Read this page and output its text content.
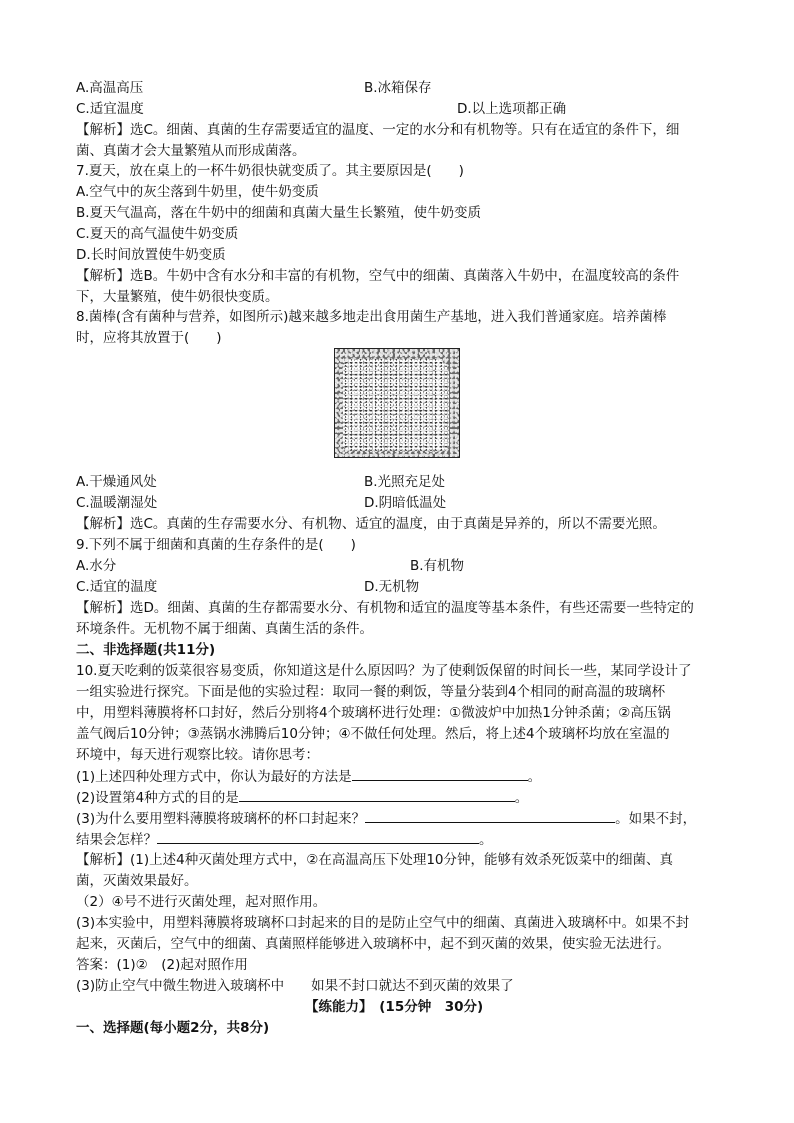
A.高温高压	B.冰箱保存
C.适宜温度	D.以上选项都正确
【解析】选C。细菌、真菌的生存需要适宜的温度、一定的水分和有机物等。只有在适宜的条件下，细
菌、真菌才会大量繁殖从而形成菌落。
7.夏天，放在桌上的一杯牛奶很快就变质了。其主要原因是(　　)
A.空气中的灰尘落到牛奶里，使牛奶变质
B.夏天气温高，落在牛奶中的细菌和真菌大量生长繁殖，使牛奶变质
C.夏天的高气温使牛奶变质
D.长时间放置使牛奶变质
【解析】选B。牛奶中含有水分和丰富的有机物，空气中的细菌、真菌落入牛奶中，在温度较高的条件
下，大量繁殖，使牛奶很快变质。
8.菌棒(含有菌种与营养，如图所示)越来越多地走出食用菌生产基地，进入我们普通家庭。培养菌棒
时，应将其放置于(　　)
A.干燥通风处	B.光照充足处
C.温暖潮湿处	D.阴暗低温处
【解析】选C。真菌的生存需要水分、有机物、适宜的温度，由于真菌是异养的，所以不需要光照。
9.下列不属于细菌和真菌的生存条件的是(　　)
A.水分	B.有机物
C.适宜的温度	D.无机物
【解析】选D。细菌、真菌的生存都需要水分、有机物和适宜的温度等基本条件，有些还需要一些特定的
环境条件。无机物不属于细菌、真菌生活的条件。
二、非选择题(共11分)
10.夏天吃剩的饭菜很容易变质，你知道这是什么原因吗？为了使剩饭保留的时间长一些，某同学设计了
一组实验进行探究。下面是他的实验过程：取同一餐的剩饭，等量分装到4个相同的耐高温的玻璃杯
中，用塑料薄膜将杯口封好，然后分别将4个玻璃杯进行处理：①微波炉中加热1分钟杀菌；②高压锅
盖气阀后10分钟；③蒸锅水沸腾后10分钟；④不做任何处理。然后，将上述4个玻璃杯均放在室温的
环境中，每天进行观察比较。请你思考：
(1)上述四种处理方式中，你认为最好的方法是	。
(2)设置第4种方式的目的是	。
(3)为什么要用塑料薄膜将玻璃杯的杯口封起来？	。如果不封，
结果会怎样？	。
【解析】(1)上述4种灭菌处理方式中，②在高温高压下处理10分钟，能够有效杀死饭菜中的细菌、真
菌，灭菌效果最好。
（2）④号不进行灭菌处理，起对照作用。
(3)本实验中，用塑料薄膜将玻璃杯口封起来的目的是防止空气中的细菌、真菌进入玻璃杯中。如果不封
起来，灭菌后，空气中的细菌、真菌照样能够进入玻璃杯中，起不到灭菌的效果，使实验无法进行。
答案：(1)②　(2)起对照作用
(3)防止空气中微生物进入玻璃杯中　　如果不封口就达不到灭菌的效果了
【练能力】　(15分钟　30分)
一、选择题(每小题2分，共8分)
